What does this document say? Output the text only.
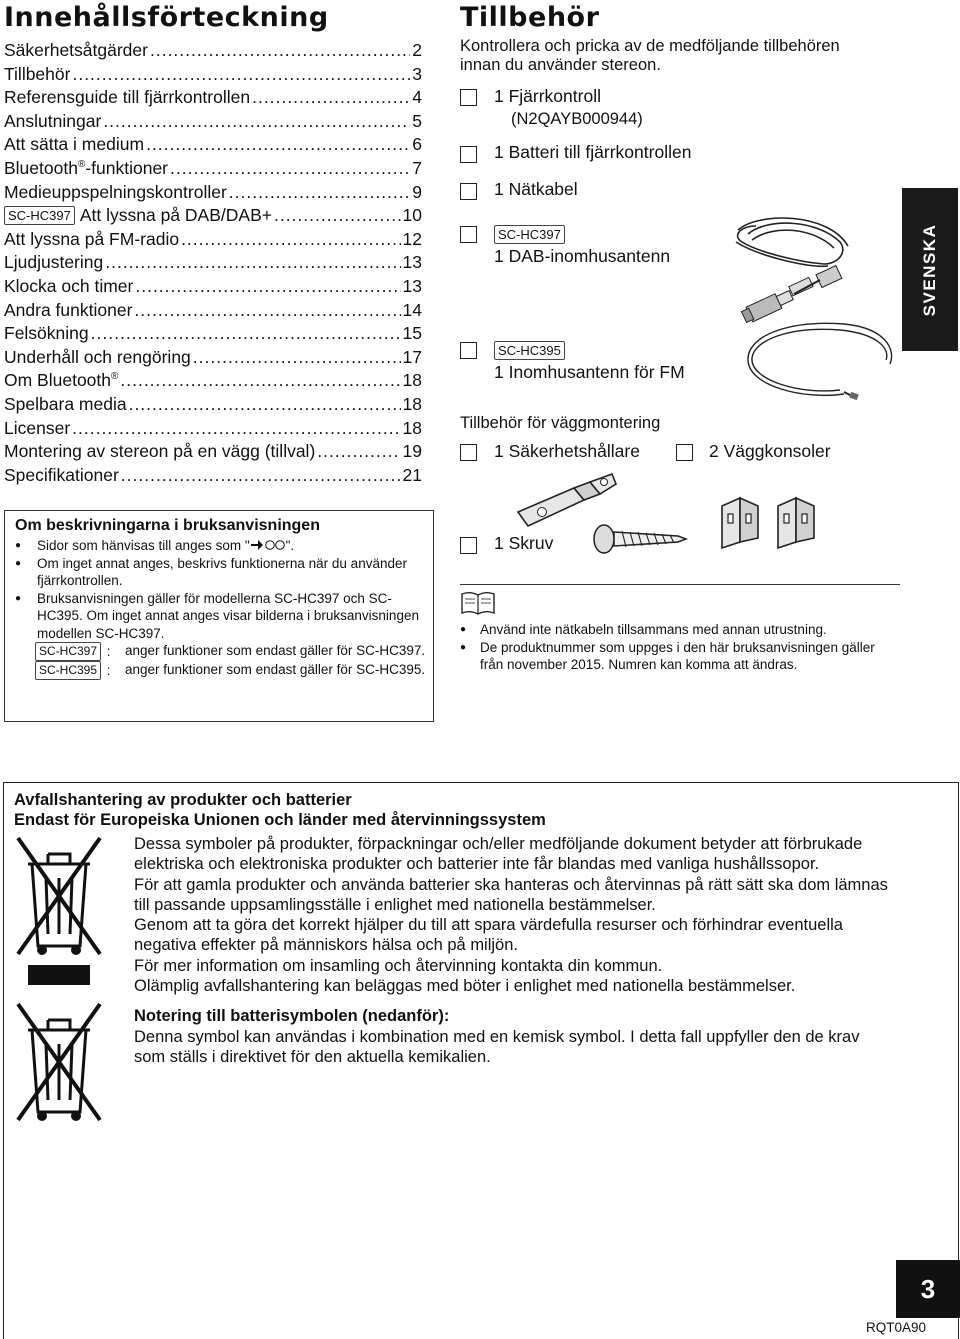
Innehållsförteckning
Säkerhetsåtgärder .....	2
Tillbehör .....	3
Referensguide till fjärrkontrollen .....	4
Anslutningar .....	5
Att sätta i medium .....	6
Bluetooth®-funktioner .....	7
Medieuppspelningskontroller .....	9
SC-HC397 Att lyssna på DAB/DAB+ .....	10
Att lyssna på FM-radio .....	12
Ljudjustering .....	13
Klocka och timer .....	13
Andra funktioner .....	14
Felsökning .....	15
Underhåll och rengöring .....	17
Om Bluetooth® .....	18
Spelbara media .....	18
Licenser .....	18
Montering av stereon på en vägg (tillval) .....	19
Specifikationer .....	21
Om beskrivningarna i bruksanvisningen
●	Sidor som hänvisas till anges som "	".
●	Om inget annat anges, beskrivs funktionerna när du använder fjärrkontrollen.
●	Bruksanvisningen gäller för modellerna SC-HC397 och SC-HC395. Om inget annat anges visar bilderna i bruksanvisningen modellen SC-HC397.
SC-HC397 :	anger funktioner som endast gäller för SC-HC397.
SC-HC395 :	anger funktioner som endast gäller för SC-HC395.
Tillbehör
Kontrollera och pricka av de medföljande tillbehören innan du använder stereon.
1 Fjärrkontroll
(N2QAYB000944)
1 Batteri till fjärrkontrollen
1 Nätkabel
SC-HC397
1 DAB-inomhusantenn
SC-HC395
1 Inomhusantenn för FM
Tillbehör för väggmontering
1 Säkerhetshållare	2 Väggkonsoler
1 Skruv
●	Använd inte nätkabeln tillsammans med annan utrustning.
●	De produktnummer som uppges i den här bruksanvisningen gäller från november 2015. Numren kan komma att ändras.
SVENSKA
Avfallshantering av produkter och batterier
Endast för Europeiska Unionen och länder med återvinningssystem
Dessa symboler på produkter, förpackningar och/eller medföljande dokument betyder att förbrukade elektriska och elektroniska produkter och batterier inte får blandas med vanliga hushållssopor.
För att gamla produkter och använda batterier ska hanteras och återvinnas på rätt sätt ska dom lämnas till passande uppsamlingsställe i enlighet med nationella bestämmelser.
Genom att ta göra det korrekt hjälper du till att spara värdefulla resurser och förhindrar eventuella negativa effekter på människors hälsa och på miljön.
För mer information om insamling och återvinning kontakta din kommun.
Olämplig avfallshantering kan beläggas med böter i enlighet med nationella bestämmelser.
Notering till batterisymbolen (nedanför):
Denna symbol kan användas i kombination med en kemisk symbol. I detta fall uppfyller den de krav som ställs i direktivet för den aktuella kemikalien.
3
RQT0A90
